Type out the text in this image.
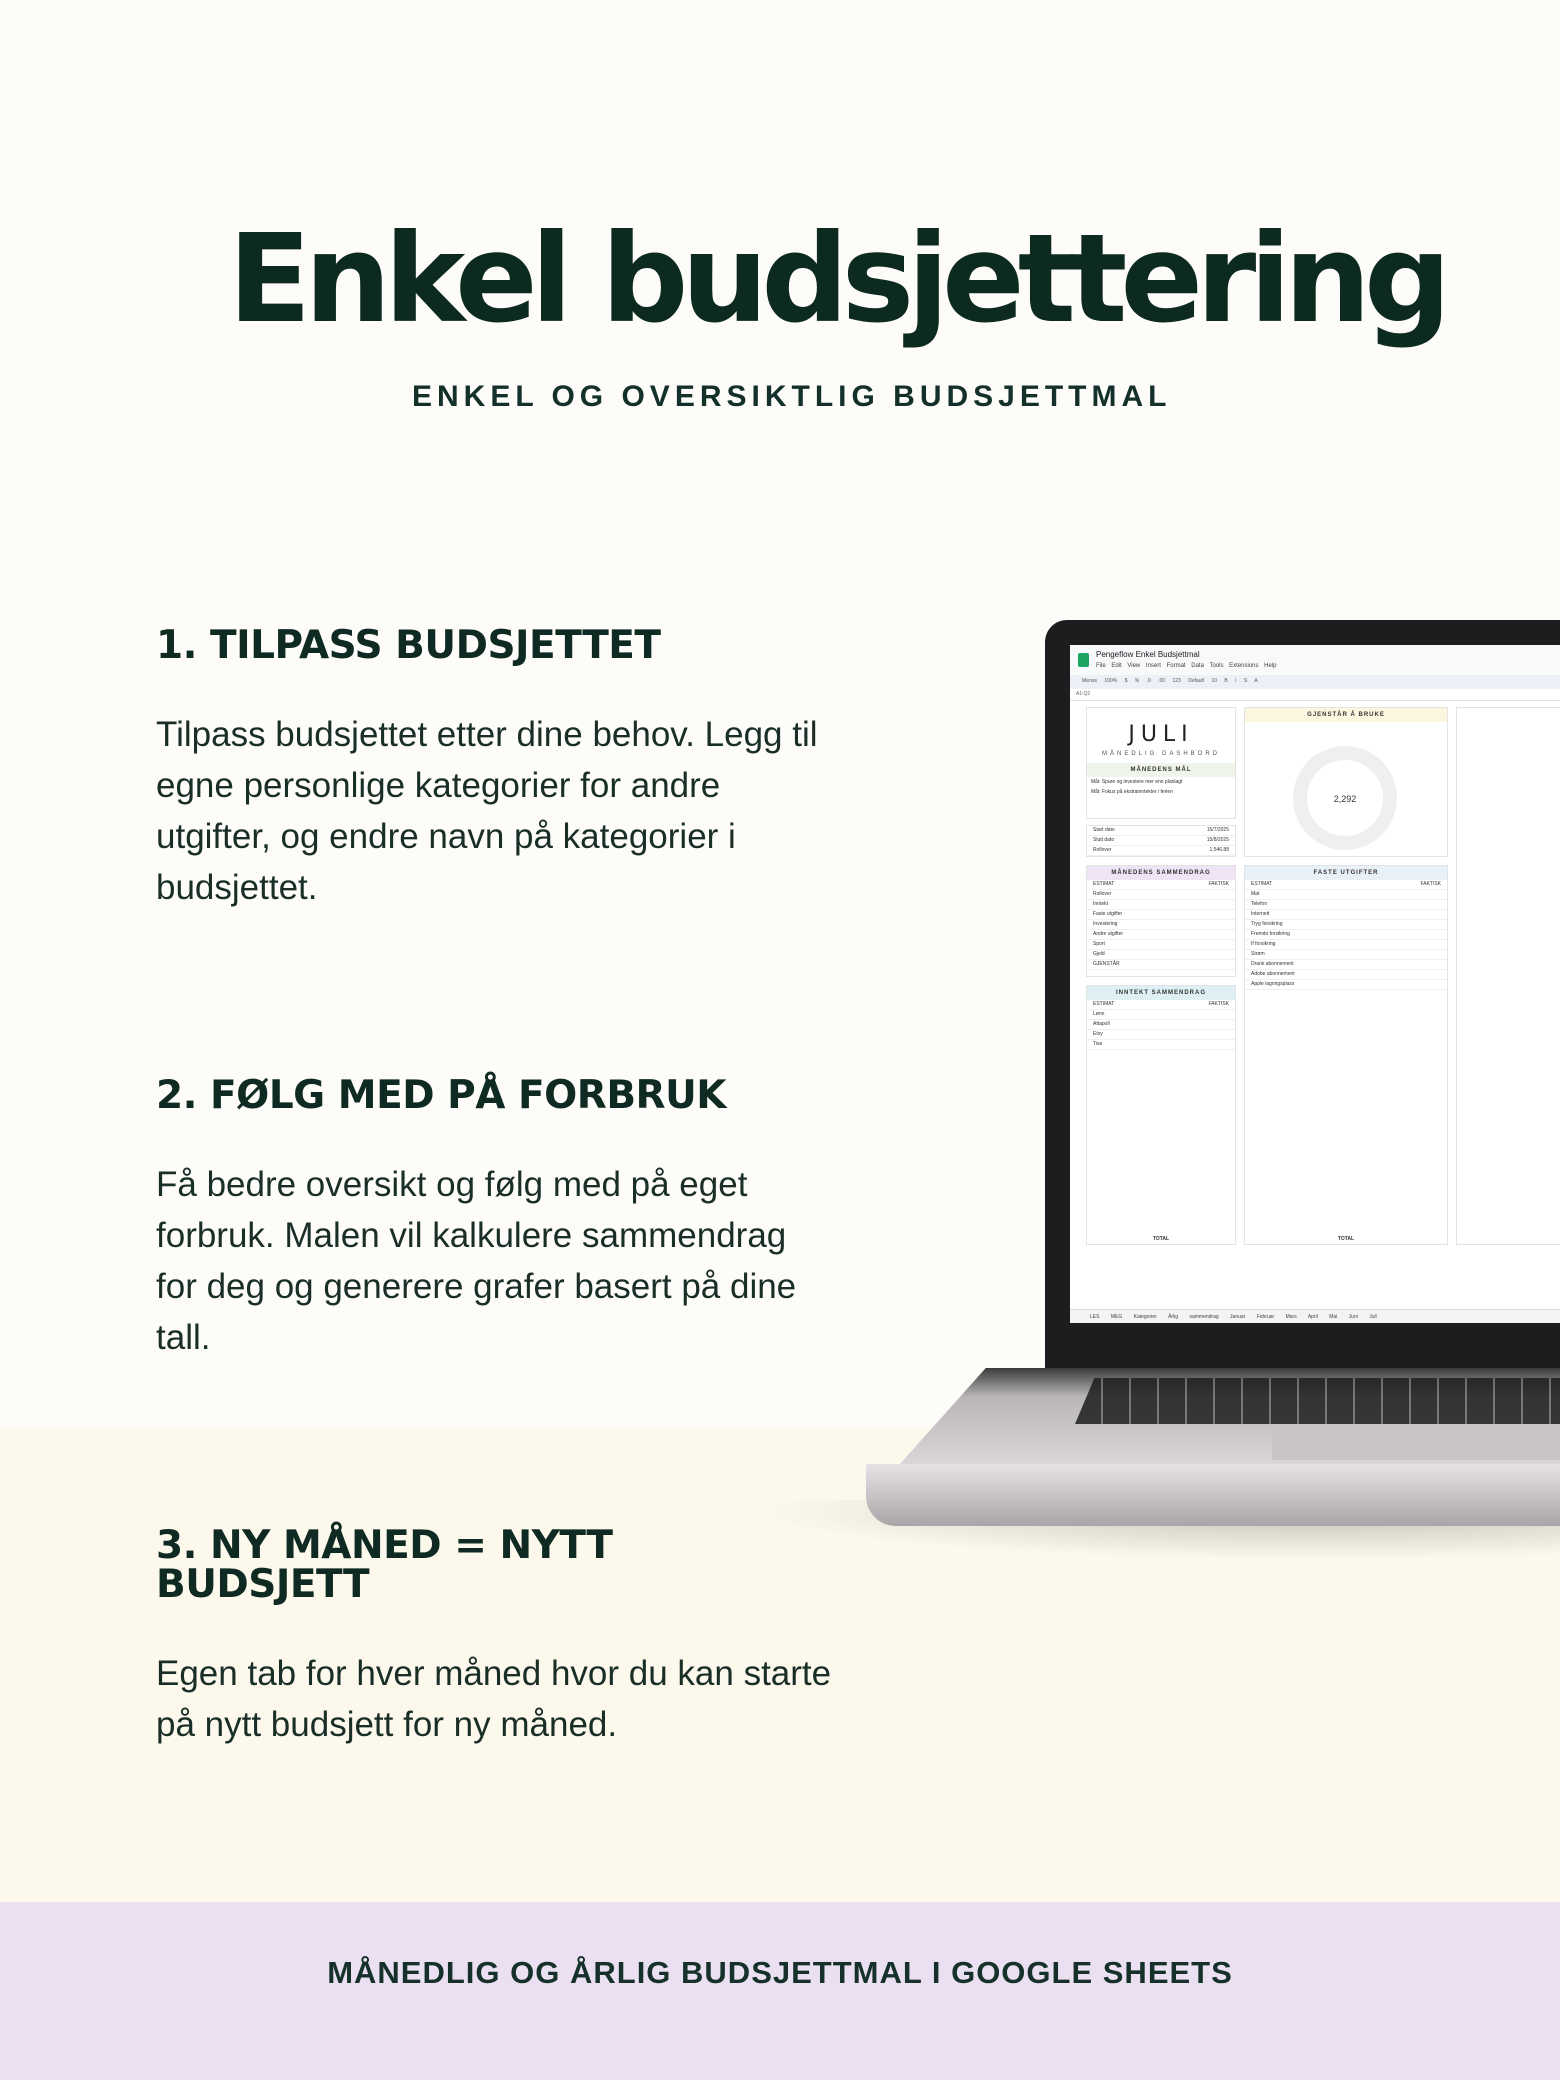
Enkel budsjettering
ENKEL OG OVERSIKTLIG BUDSJETTMAL
1. TILPASS BUDSJETTET

Tilpass budsjettet etter dine behov. Legg til egne personlige kategorier for andre utgifter, og endre navn på kategorier i budsjettet.

2. FØLG MED PÅ FORBRUK

Få bedre oversikt og følg med på eget forbruk. Malen vil kalkulere sammendrag for deg og generere grafer basert på dine tall.

3. NY MÅNED = NYTT BUDSJETT

Egen tab for hver måned hvor du kan starte på nytt budsjett for ny måned.

Pengeflow Enkel Budsjettmal
File Edit View Insert Format Data Tools Extensions Help
Menus 100% $ % .0 .00 123 Default 10 B I S A
A1:Q2
JULI
MÅNEDLIG DASHBORD
MÅNEDENS MÅL
Mål: Spare og investere mer enn planlagt
Mål: Fokus på ekstrainntekter i ferien
Start dato	15/7/2025
Slutt dato	15/8/2025
Rollover	1,546.88
GJENSTÅR Å BRUKE
2,292
MÅNEDENS SAMMENDRAG
ESTIMAT	FAKTISK
Rollover
Inntekt
Faste utgifter
Investering
Andre utgifter
Sport
Gjeld
GJENSTÅR
FASTE UTGIFTER
ESTIMAT	FAKTISK
Mat
Telefon
Internett
Tryg forsikring
Fremdo forsikring
If forsikring
Strøm
Drank abonnement
Adobe abonnement
Apple lagringsplass
TOTAL
INNTEKT SAMMENDRAG
ESTIMAT	FAKTISK
Lønn
Attapoll
Etsy
Tise
TOTAL
LES MEG Kategorier Årlig sammendrag Januar Februar Mars April Mai Juni Juli
MÅNEDLIG OG ÅRLIG BUDSJETTMAL I GOOGLE SHEETS
